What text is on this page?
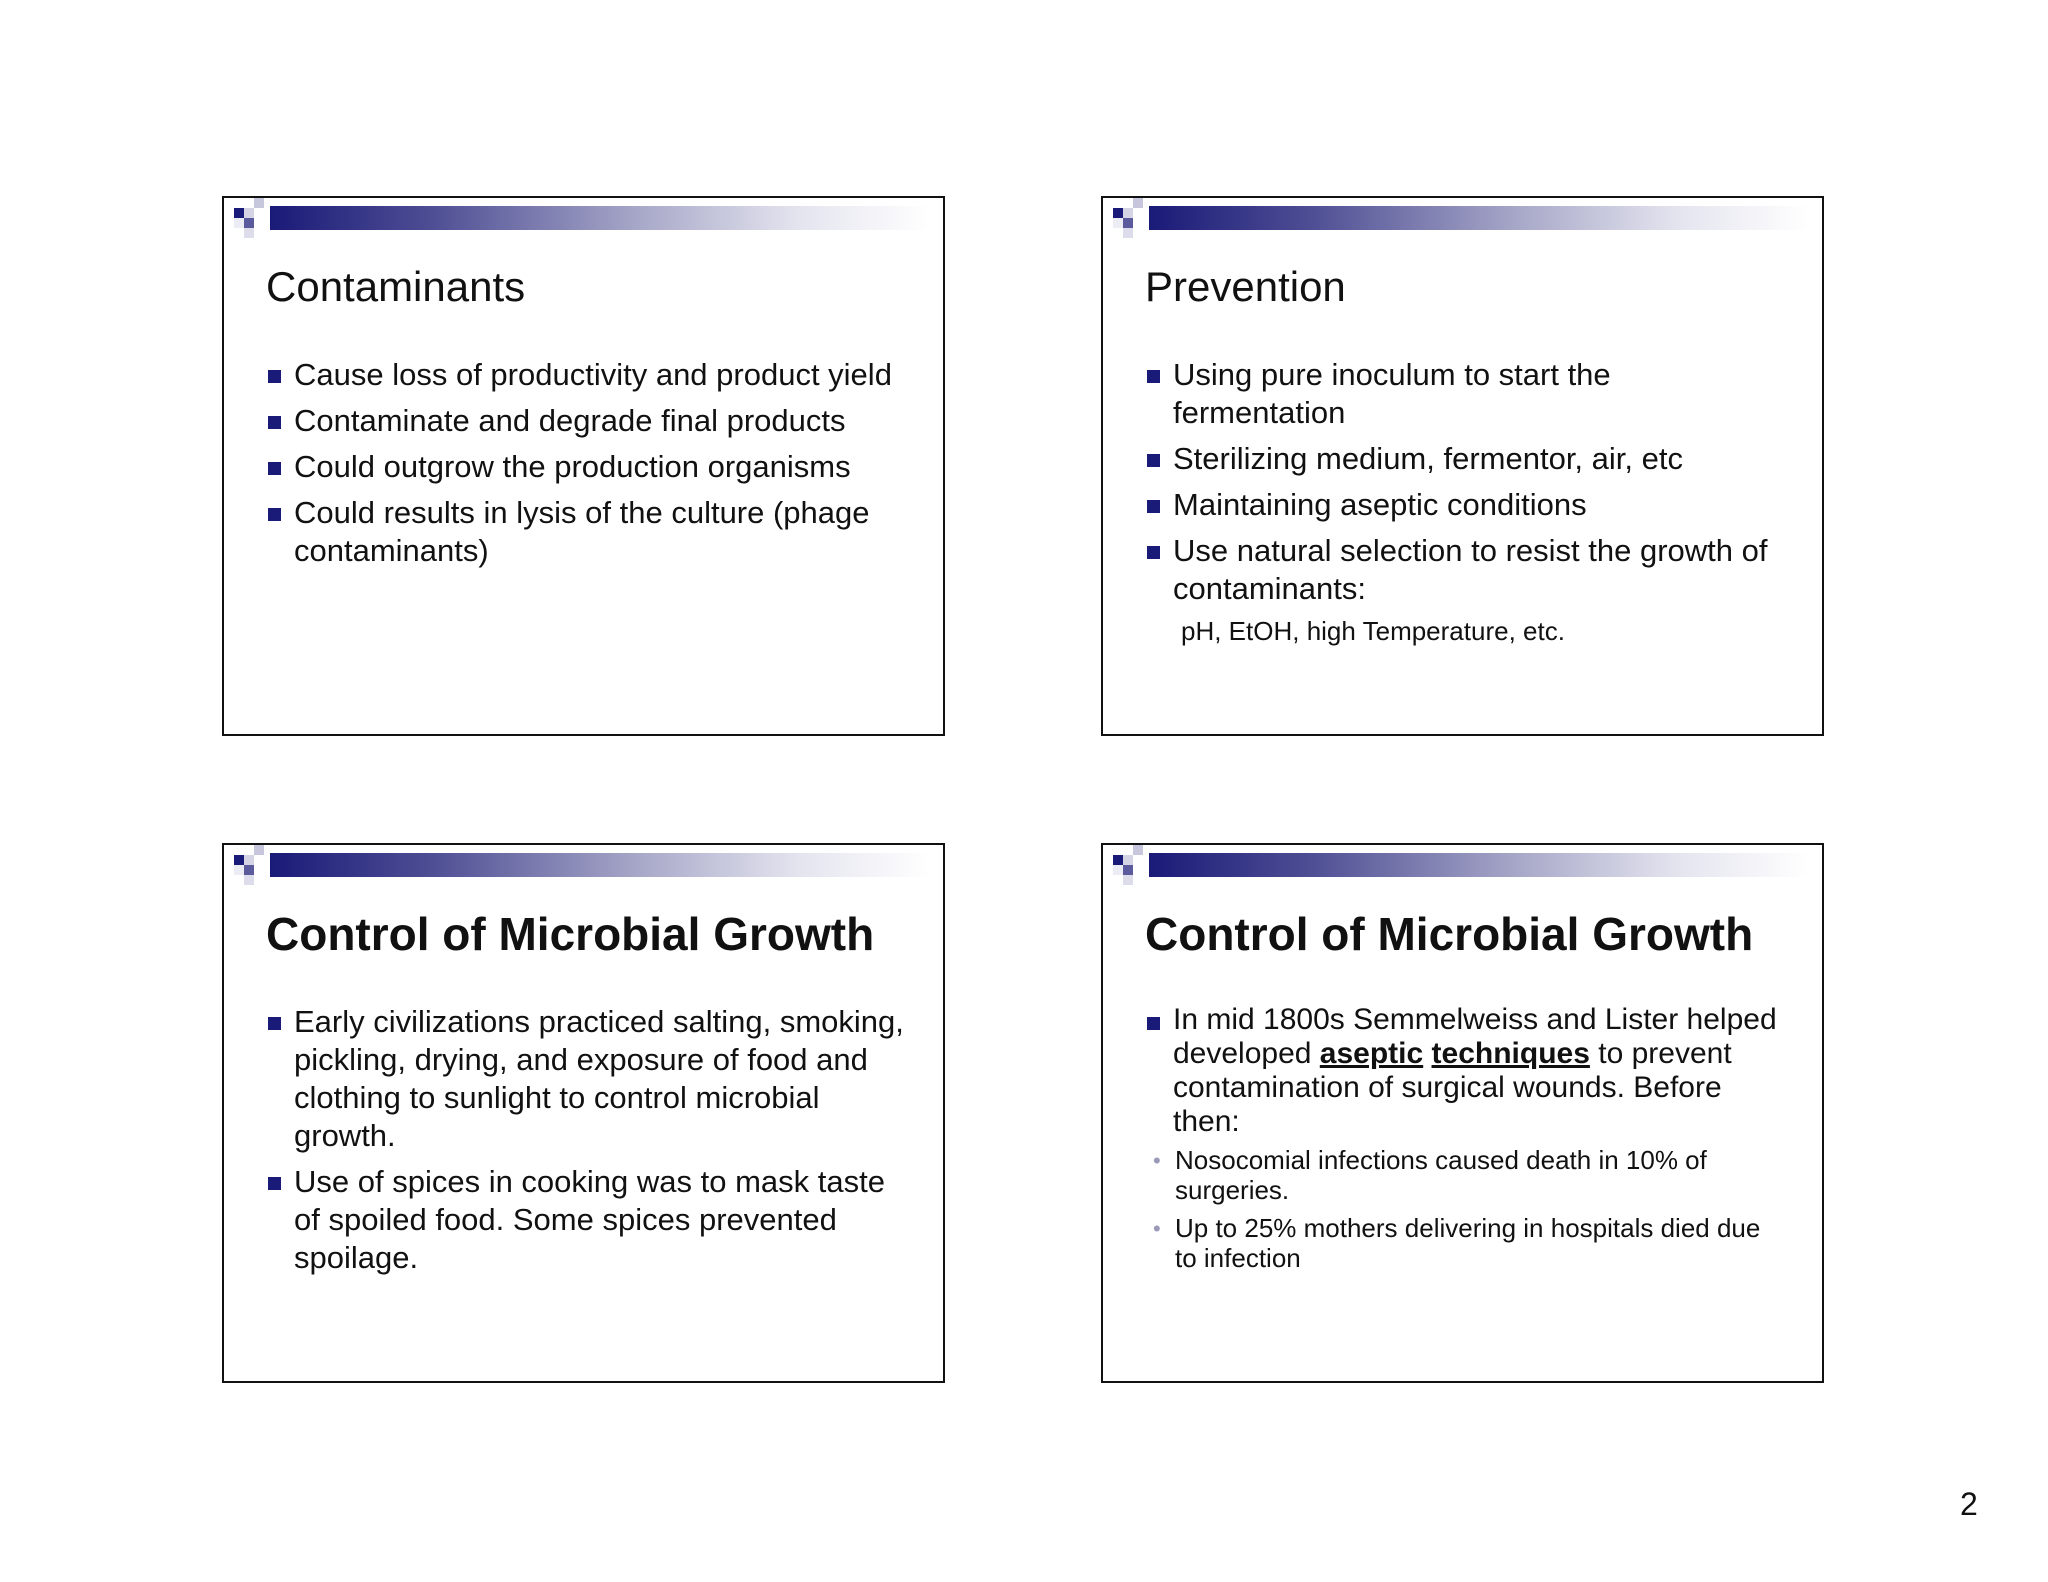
Contaminants
Cause loss of productivity and product yield
Contaminate and degrade final products
Could outgrow the production organisms
Could results in lysis of the culture (phage contaminants)
Prevention
Using pure inoculum to start the fermentation
Sterilizing medium, fermentor, air, etc
Maintaining aseptic conditions
Use natural selection to resist the growth of contaminants:
pH, EtOH, high Temperature, etc.
Control of Microbial Growth
Early civilizations practiced salting, smoking, pickling, drying, and exposure of food and clothing to sunlight to control microbial growth.
Use of spices in cooking was to mask taste of spoiled food. Some spices prevented spoilage.
Control of Microbial Growth
In mid 1800s Semmelweiss and Lister helped developed aseptic techniques to prevent contamination of surgical wounds. Before then:
• Nosocomial infections caused death in 10% of surgeries.
• Up to 25% mothers delivering in hospitals died due to infection
2
